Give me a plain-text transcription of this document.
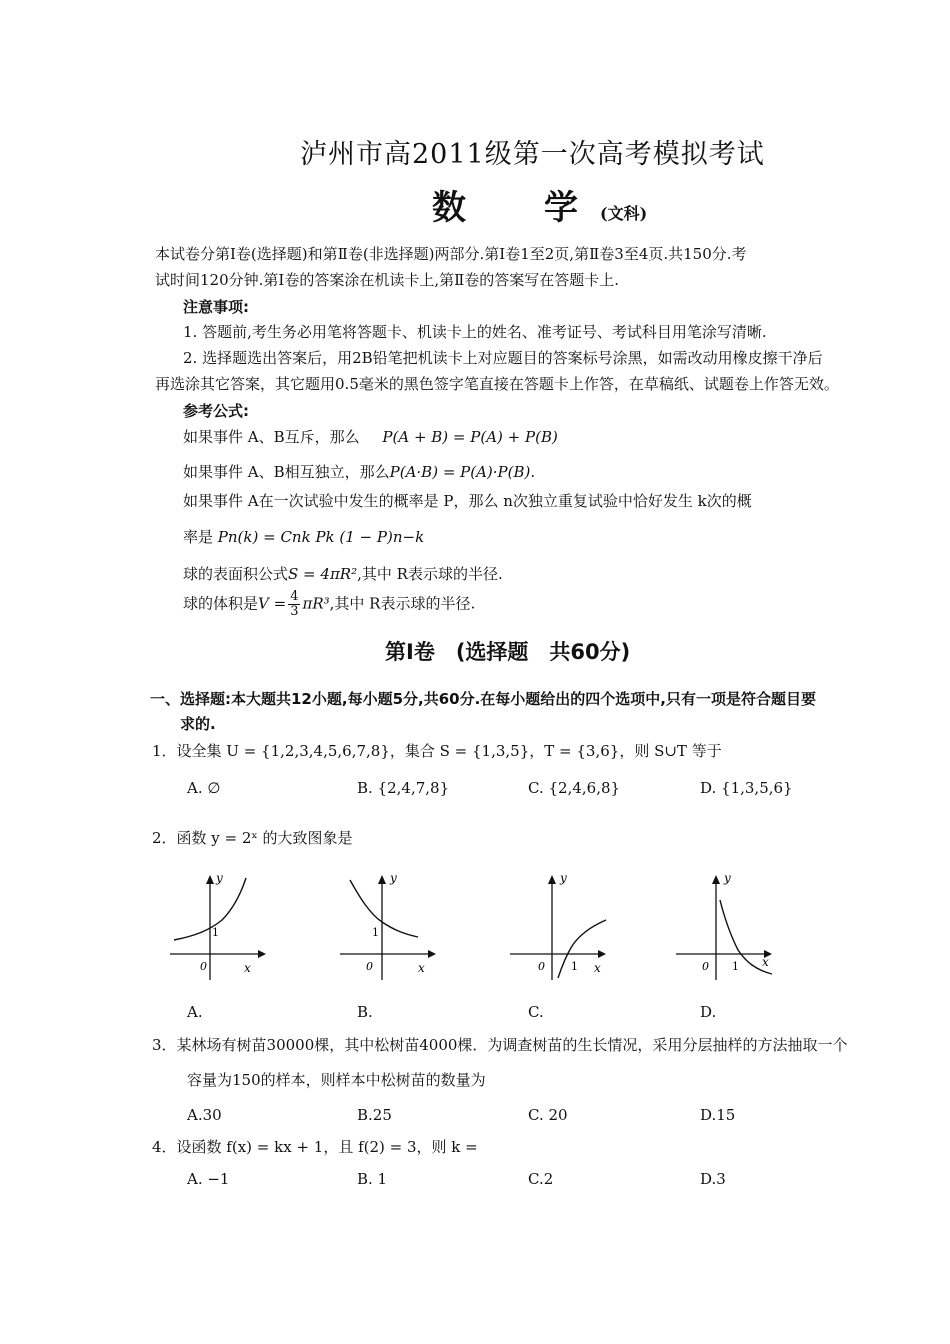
泸州市高2011级第一次高考模拟考试
数　学(文科)
本试卷分第Ⅰ卷(选择题)和第Ⅱ卷(非选择题)两部分.第Ⅰ卷1至2页,第Ⅱ卷3至4页.共150分.考
试时间120分钟.第Ⅰ卷的答案涂在机读卡上,第Ⅱ卷的答案写在答题卡上.
注意事项:
1. 答题前,考生务必用笔将答题卡、机读卡上的姓名、准考证号、考试科目用笔涂写清晰.
2. 选择题选出答案后，用2B铅笔把机读卡上对应题目的答案标号涂黑，如需改动用橡皮擦干净后
再选涂其它答案，其它题用0.5毫米的黑色签字笔直接在答题卡上作答，在草稿纸、试题卷上作答无效。
参考公式:
如果事件 A、B互斥，那么 P(A + B) = P(A) + P(B)
如果事件 A、B相互独立，那么P(A·B) = P(A)·P(B).
如果事件 A在一次试验中发生的概率是 P，那么 n次独立重复试验中恰好发生 k次的概
率是 Pn(k) = Cnk Pk (1 − P)n−k
球的表面积公式S = 4πR²,其中 R表示球的半径.
球的体积是$V = \frac{4}{3} \pi R^3$,其中 R表示球的半径.
第Ⅰ卷　(选择题　共60分)
一、选择题:本大题共12小题,每小题5分,共60分.在每小题给出的四个选项中,只有一项是符合题目要
求的.
1．设全集 U = {1,2,3,4,5,6,7,8}，集合 S = {1,3,5}，T = {3,6}，则 S∪T 等于
A. ∅	B. {2,4,7,8}	C. {2,4,6,8}	D. {1,3,5,6}
2．函数 y = 2ˣ 的大致图象是
y
1
0	x
y
1
0	x
y
0 1 x
y
0 1 x
A.	B.	C.	D.
3．某林场有树苗30000棵，其中松树苗4000棵．为调查树苗的生长情况，采用分层抽样的方法抽取一个
容量为150的样本，则样本中松树苗的数量为
A.30	B.25	C. 20	D.15
4．设函数 f(x) = kx + 1，且 f(2) = 3，则 k =
A. −1	B. 1	C.2	D.3
